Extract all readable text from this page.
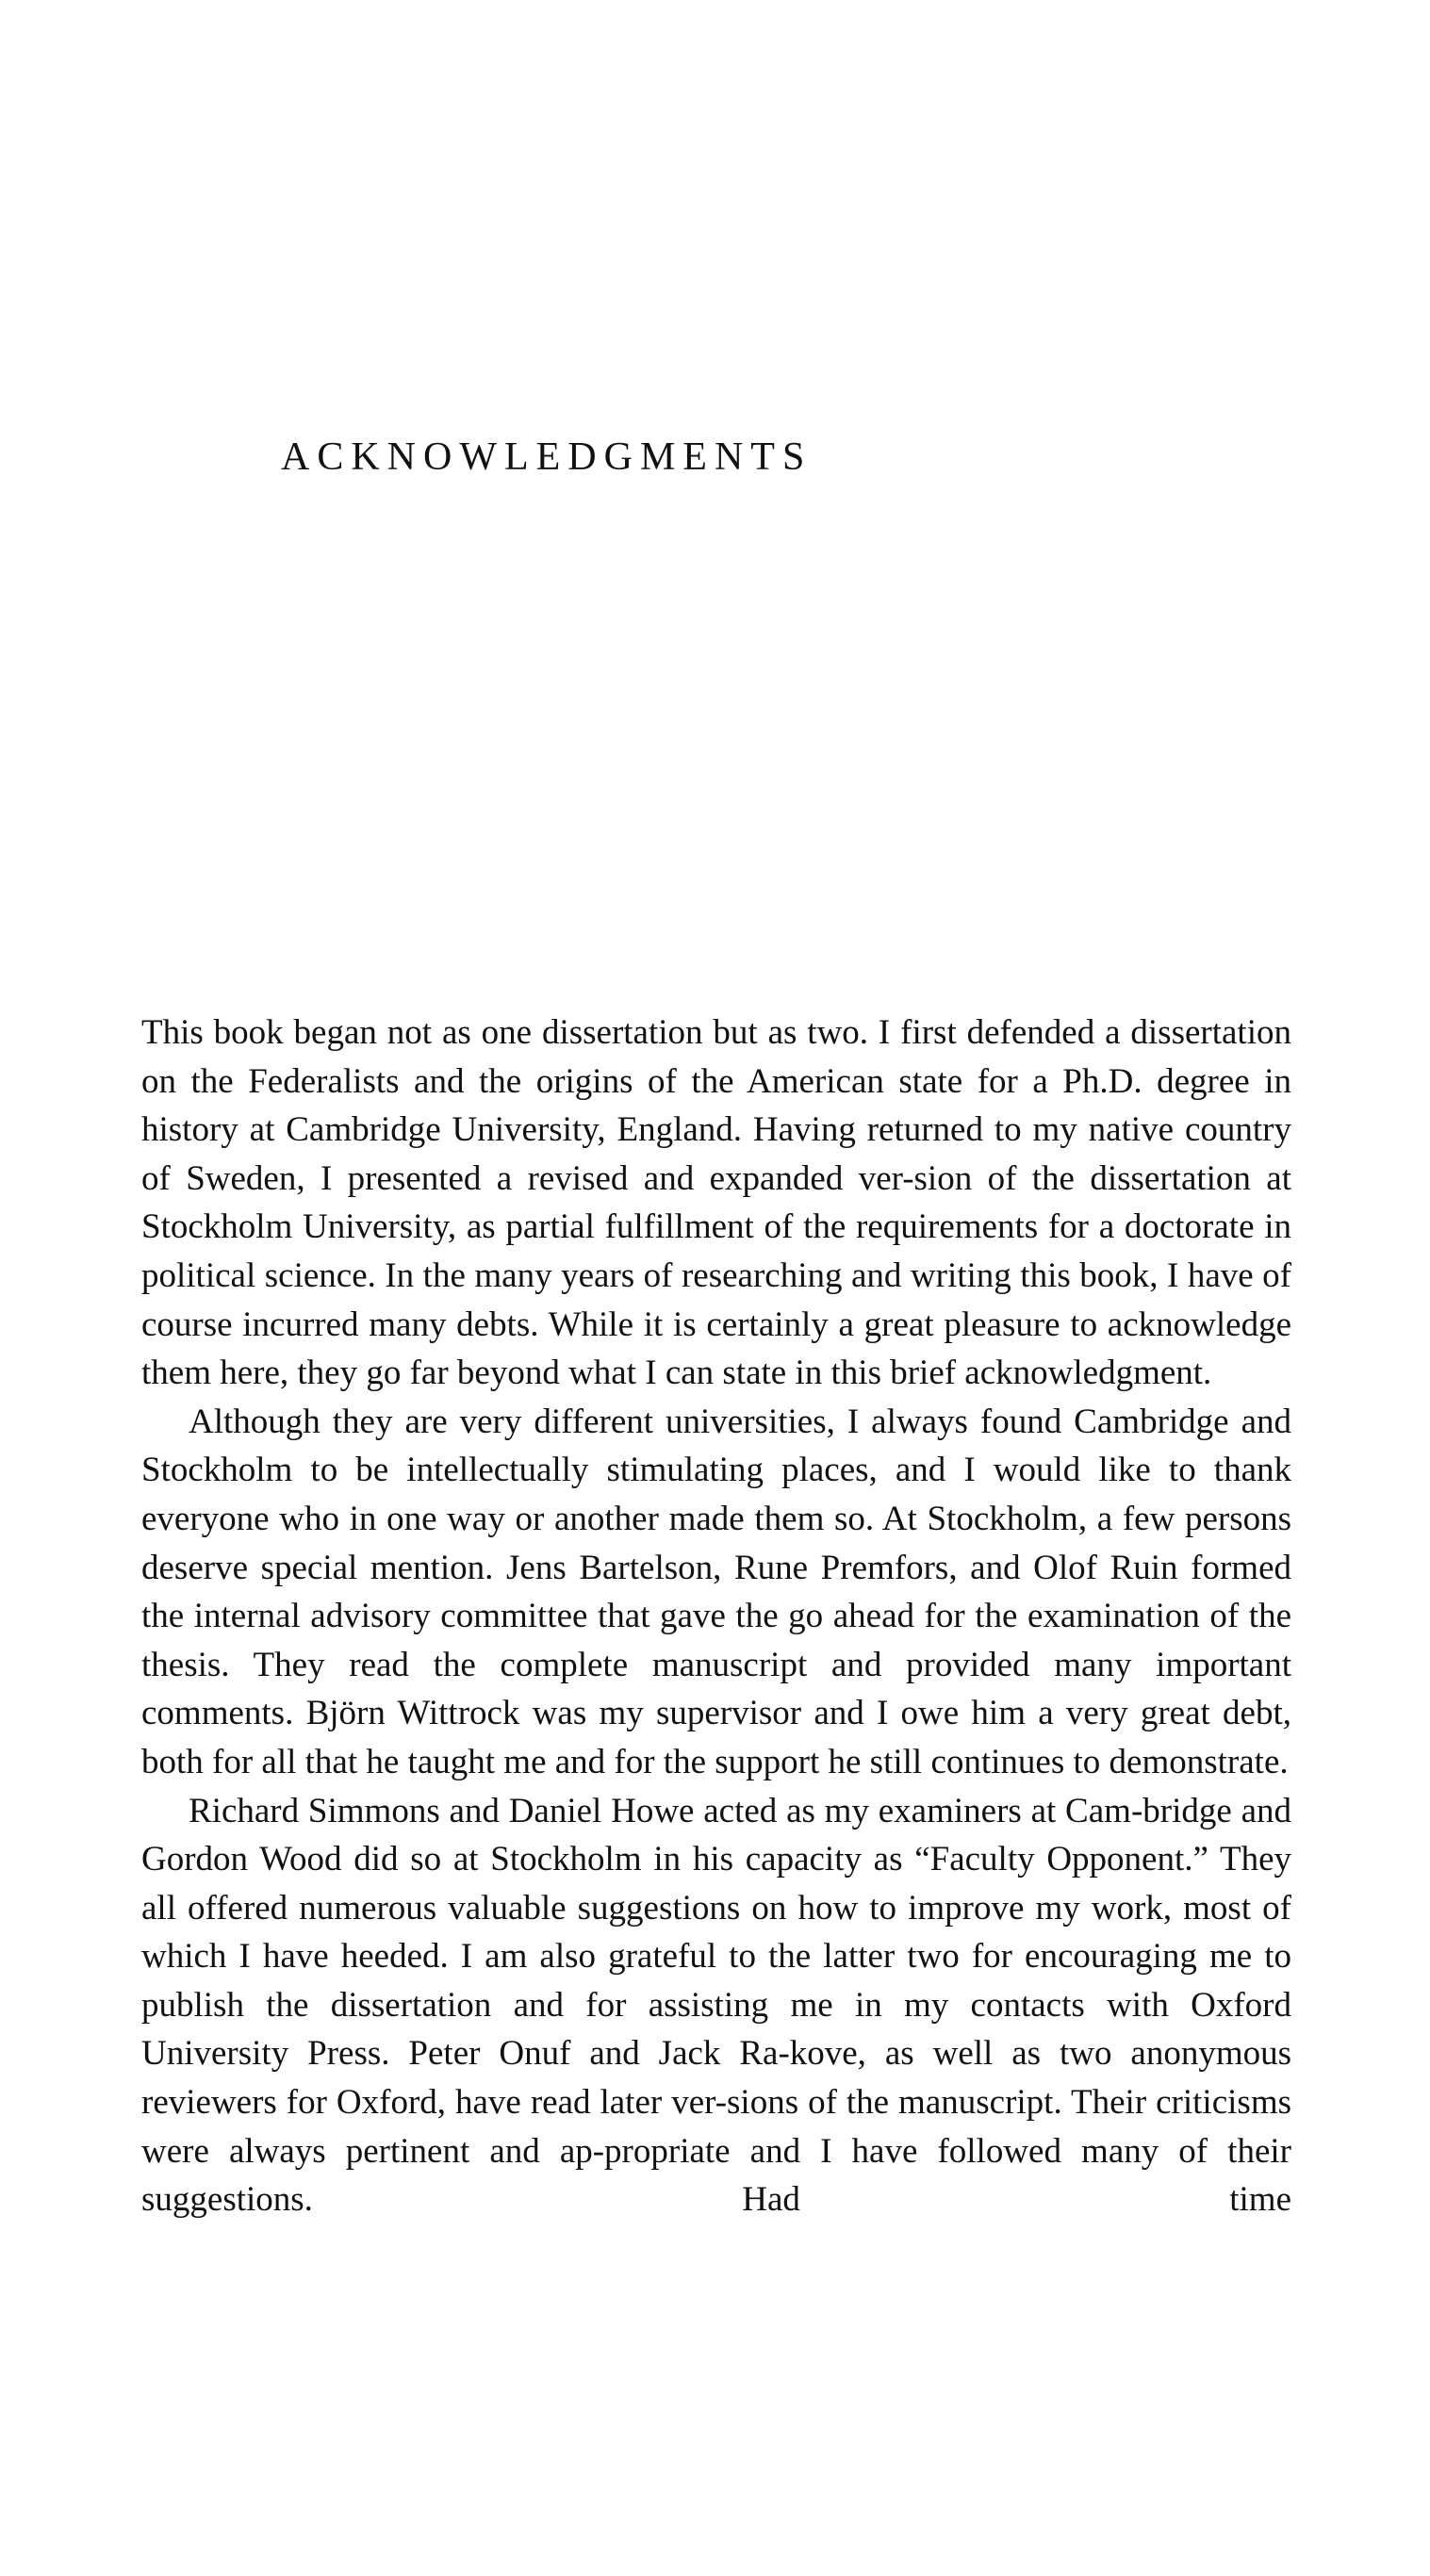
ACKNOWLEDGMENTS

This book began not as one dissertation but as two. I first defended a dissertation on the Federalists and the origins of the American state for a Ph.D. degree in history at Cambridge University, England. Having returned to my native country of Sweden, I presented a revised and expanded ver-sion of the dissertation at Stockholm University, as partial fulfillment of the requirements for a doctorate in political science. In the many years of researching and writing this book, I have of course incurred many debts. While it is certainly a great pleasure to acknowledge them here, they go far beyond what I can state in this brief acknowledgment.

Although they are very different universities, I always found Cambridge and Stockholm to be intellectually stimulating places, and I would like to thank everyone who in one way or another made them so. At Stockholm, a few persons deserve special mention. Jens Bartelson, Rune Premfors, and Olof Ruin formed the internal advisory committee that gave the go ahead for the examination of the thesis. They read the complete manuscript and provided many important comments. Björn Wittrock was my supervisor and I owe him a very great debt, both for all that he taught me and for the support he still continues to demonstrate.

Richard Simmons and Daniel Howe acted as my examiners at Cam-bridge and Gordon Wood did so at Stockholm in his capacity as “Faculty Opponent.” They all offered numerous valuable suggestions on how to improve my work, most of which I have heeded. I am also grateful to the latter two for encouraging me to publish the dissertation and for assisting me in my contacts with Oxford University Press. Peter Onuf and Jack Ra-kove, as well as two anonymous reviewers for Oxford, have read later ver-sions of the manuscript. Their criticisms were always pertinent and ap-propriate and I have followed many of their suggestions. Had time
